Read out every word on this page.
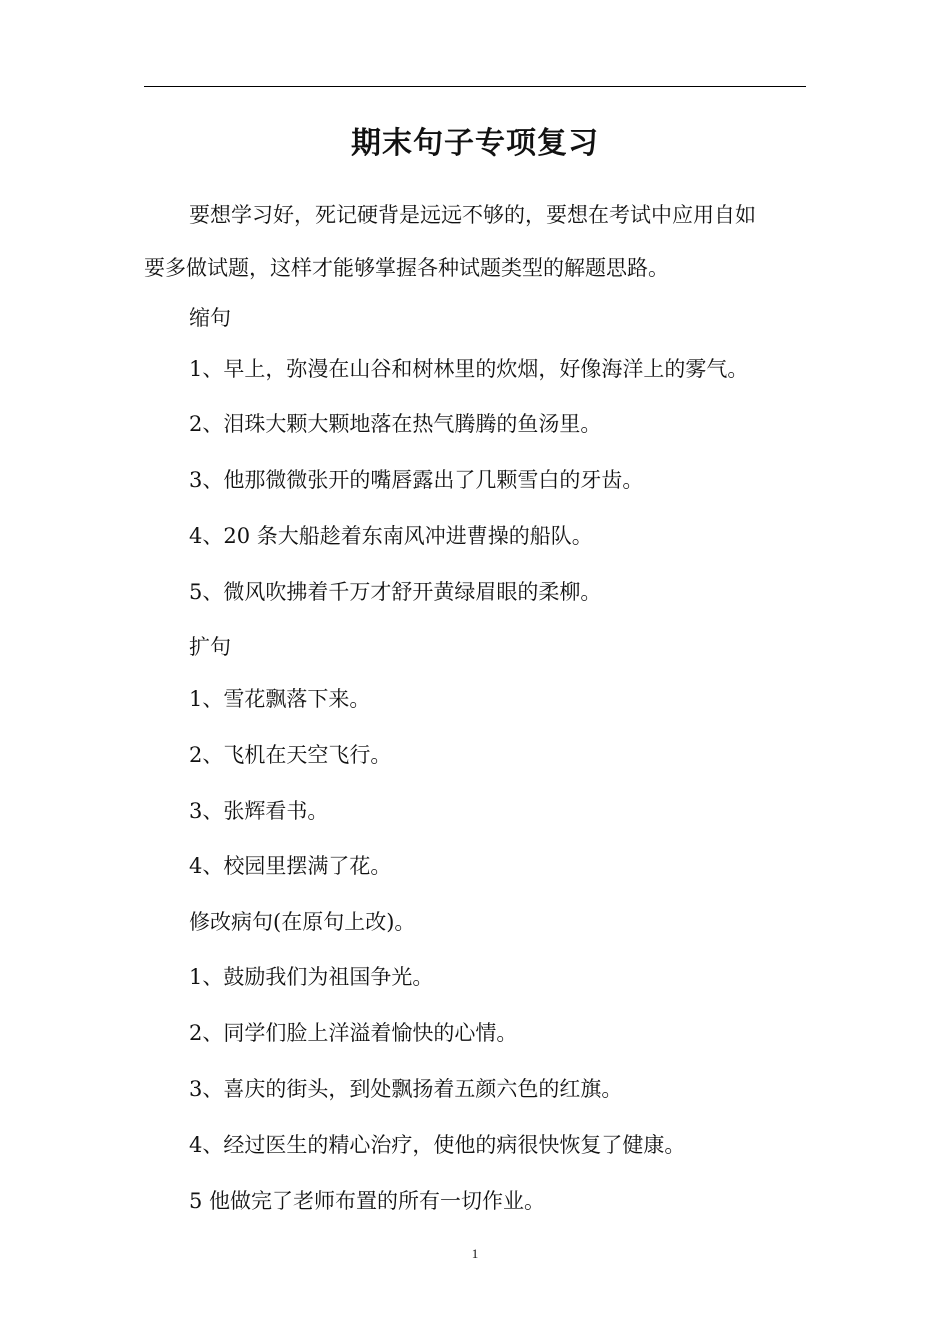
期末句子专项复习
要想学习好，死记硬背是远远不够的，要想在考试中应用自如
要多做试题，这样才能够掌握各种试题类型的解题思路。
缩句
1、早上，弥漫在山谷和树林里的炊烟，好像海洋上的雾气。
2、泪珠大颗大颗地落在热气腾腾的鱼汤里。
3、他那微微张开的嘴唇露出了几颗雪白的牙齿。
4、20 条大船趁着东南风冲进曹操的船队。
5、微风吹拂着千万才舒开黄绿眉眼的柔柳。
扩句
1、雪花飘落下来。
2、飞机在天空飞行。
3、张辉看书。
4、校园里摆满了花。
修改病句(在原句上改)。
1、鼓励我们为祖国争光。
2、同学们脸上洋溢着愉快的心情。
3、喜庆的街头，到处飘扬着五颜六色的红旗。
4、经过医生的精心治疗，使他的病很快恢复了健康。
5 他做完了老师布置的所有一切作业。
1
